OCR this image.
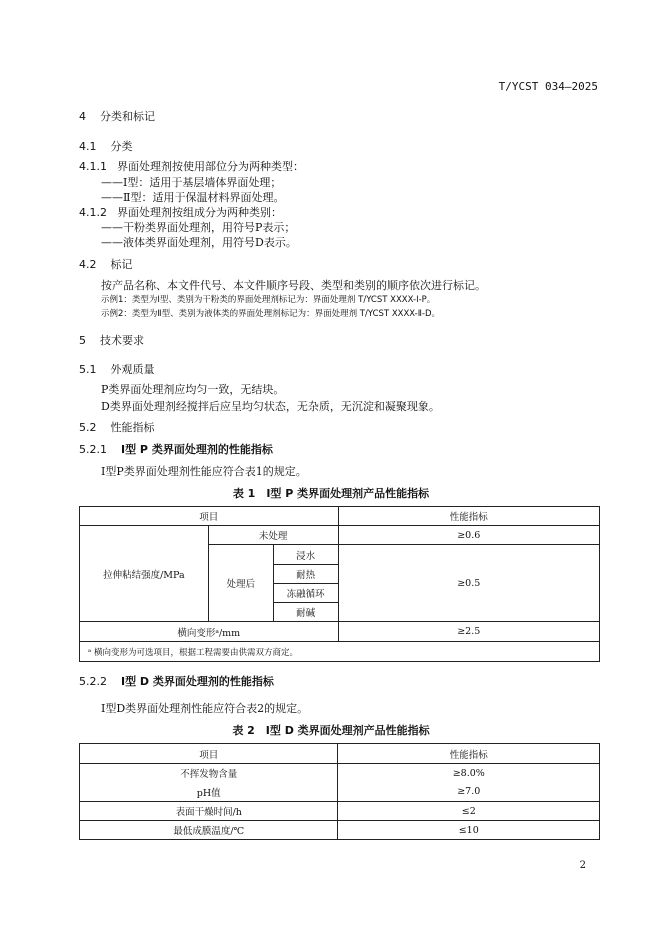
T/YCST 034—2025
4 分类和标记
4.1 分类
4.1.1 界面处理剂按使用部位分为两种类型：
——Ⅰ型：适用于基层墙体界面处理；
——Ⅱ型：适用于保温材料界面处理。
4.1.2 界面处理剂按组成分为两种类别：
——干粉类界面处理剂，用符号P表示；
——液体类界面处理剂，用符号D表示。
4.2 标记
按产品名称、本文件代号、本文件顺序号段、类型和类别的顺序依次进行标记。
示例1：类型为Ⅰ型、类别为干粉类的界面处理剂标记为：界面处理剂 T/YCST XXXX-Ⅰ-P。
示例2：类型为Ⅱ型、类别为液体类的界面处理剂标记为：界面处理剂 T/YCST XXXX-Ⅱ-D。
5 技术要求
5.1 外观质量
P类界面处理剂应均匀一致，无结块。
D类界面处理剂经搅拌后应呈均匀状态，无杂质，无沉淀和凝聚现象。
5.2 性能指标
5.2.1 Ⅰ型 P 类界面处理剂的性能指标
Ⅰ型P类界面处理剂性能应符合表1的规定。
表 1　Ⅰ型 P 类界面处理剂产品性能指标
项目			性能指标
拉伸粘结强度/MPa	未处理		≥0.6
	处理后	浸水	≥0.5
		耐热	
		冻融循环	
		耐碱	
横向变形ᵃ/mm			≥2.5
ᵃ 横向变形为可选项目，根据工程需要由供需双方商定。			
5.2.2 Ⅰ型 D 类界面处理剂的性能指标
Ⅰ型D类界面处理剂性能应符合表2的规定。
表 2　Ⅰ型 D 类界面处理剂产品性能指标
项目	性能指标
不挥发物含量	≥8.0%
pH值	≥7.0
表面干燥时间/h	≤2
最低成膜温度/℃	≤10
2
